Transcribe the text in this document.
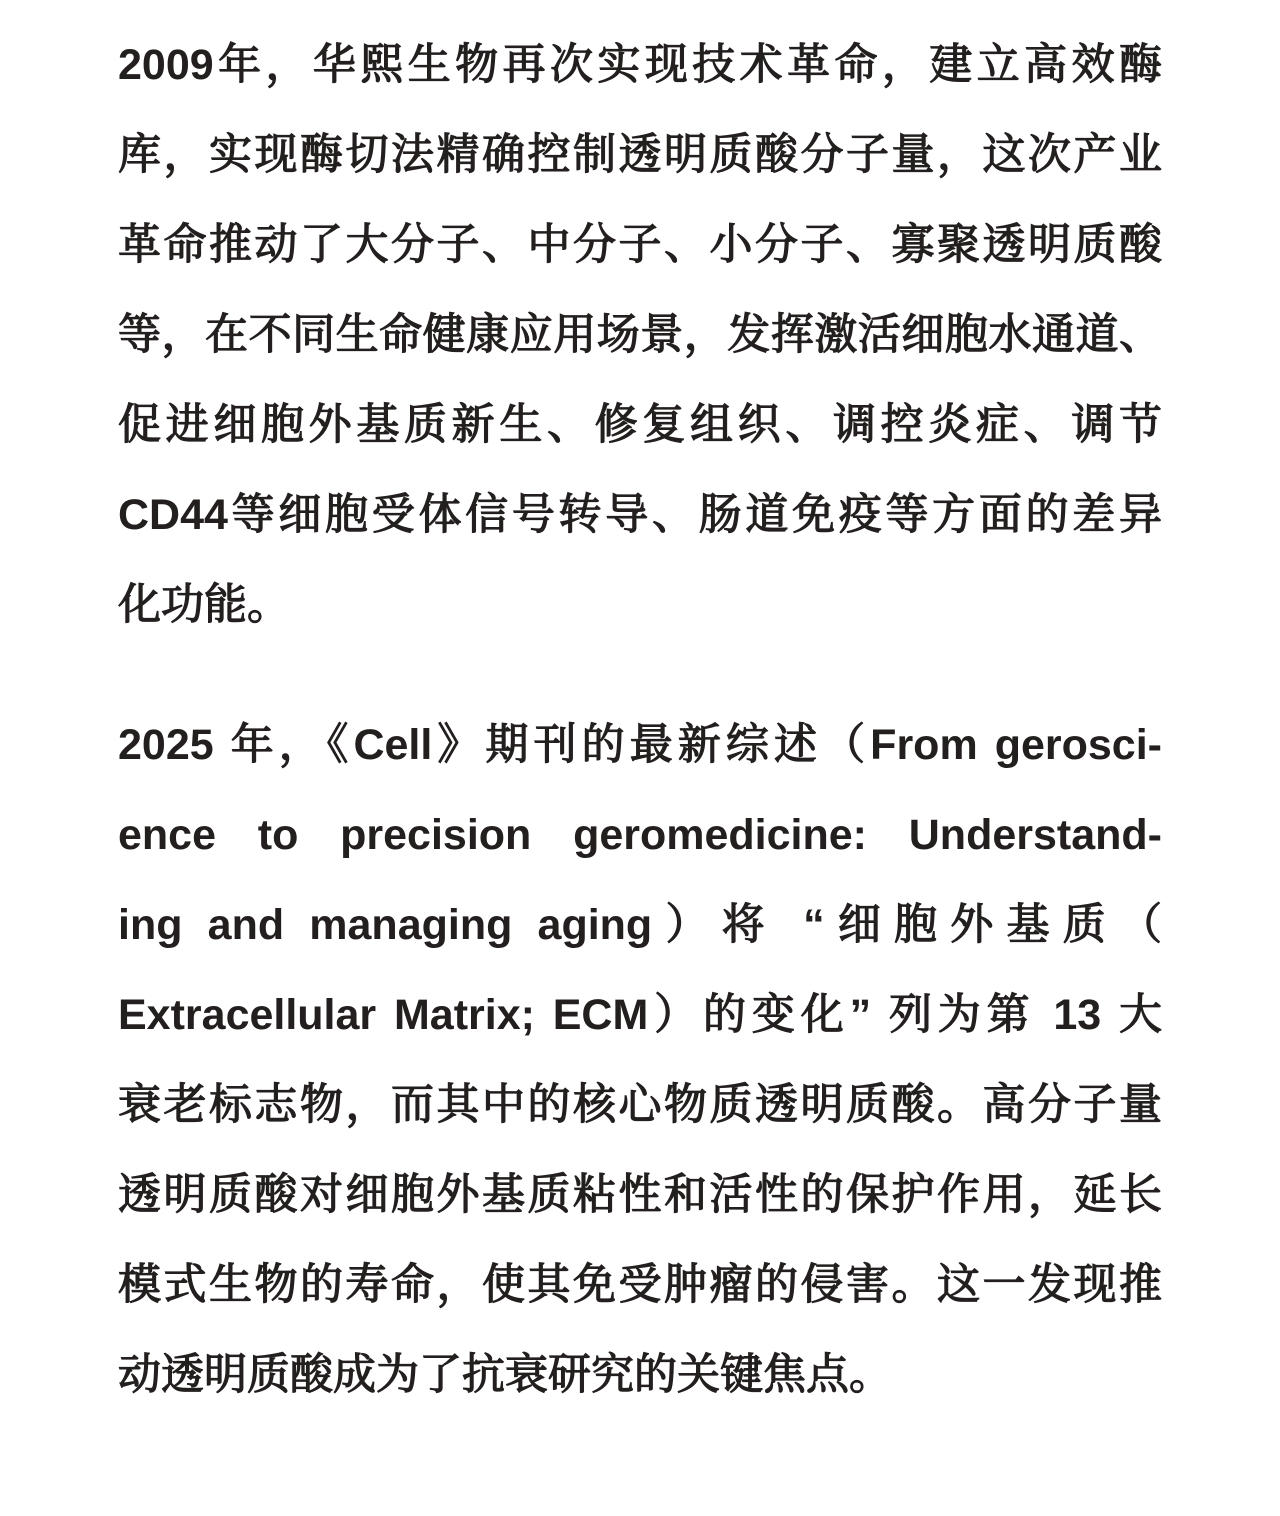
2009年，华熙生物再次实现技术革命，建立高效酶
库，实现酶切法精确控制透明质酸分子量，这次产业
革命推动了大分子、中分子、小分子、寡聚透明质酸
等，在不同生命健康应用场景，发挥激活细胞水通道、
促进细胞外基质新生、修复组织、调控炎症、调节
CD44等细胞受体信号转导、肠道免疫等方面的差异
化功能。
2025 年，《Cell》期刊的最新综述（From gerosci-
ence to precision geromedicine: Understand-
ing and managing aging）将 “细胞外基质（
Extracellular Matrix; ECM）的变化” 列为第 13 大
衰老标志物，而其中的核心物质透明质酸。高分子量
透明质酸对细胞外基质粘性和活性的保护作用，延长
模式生物的寿命，使其免受肿瘤的侵害。这一发现推
动透明质酸成为了抗衰研究的关键焦点。
